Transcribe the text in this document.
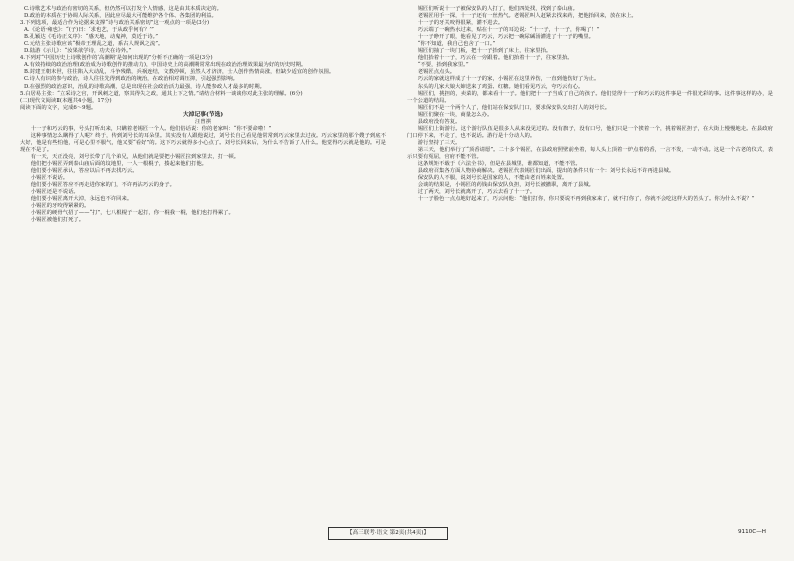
C.诗歌艺术与政治有密切的关系，但仍然可以打发个人情感，这是由其本质决定的。

D.政治的本质在于协调人际关系，因此应尽最大可能维护各个体、各集团的利益。

3.下列选项，最适合作为论据来支撑“诗与政治关系密切”这一观点的一项是(3分)

A.《论语·雍也》：“(子)曰：‘求也艺，于从政乎何有？’”

B.孔颖达《毛诗正义序》：“感天地，动鬼神，莫近于诗。”

C.元结主张诗歌应该“极帝王理乱之道，系古人规讽之流”。

D.陆游《示儿》：“汝果欲学诗，功夫在诗外。”

4.下列对“中国历史上诗歌创作的‘高潮期’是如何出现的”分析不正确的一项是(3分)

A.有效持续的政治治理(政治成为诗歌创作的推动力)，中国诗史上的高潮期常常出现在政治治理效果最为好的历史时期。

B.封建王朝末世，往往陷入大动乱，斗争残酷，兵祸连结，文教停顿，虽然人才济济，士人创作热情高涨，但缺少适宜的创作氛围。

C.诗人有识的参与政治，诗人往往先得到政治的统治，在政治相对调压抑，引起强烈影响。

D.在强烈的政治意识，治乱的诗歌高潮，总是出现在社会政治活力最强，诗人能参政人才最多的时期。

5.白居易主张：“立采诗之官，开讽刺之道，察其得失之政，通其上下之情。”请结合材料一谈谈你对此主张的理解。(6分)

(二)现代文阅读Ⅱ(本题共4小题，17分)

阅读下面的文字，完成6～9题。

大淖记事(节选)

汪曾祺

十一子和巧云的事，号头打听出来，只瞒着老锡匠一个人。他们俗话说：你的老家叫：“你不要命啦！”

这种事情怎么瞒得了人呢？终于，传到刘号长的耳朵里。其实没有人跟他说过，刘号长自己看见他常常到巧云家里去过夜。巧云家里的那个嫂子到底不大好，他是有些怕他，可是心里不服气，他又要“看好”的。这下巧云就得多小心点了。刘号长回来后，为什么不告诉了人什么。他觉得巧云就是他的。可是现在不是了。

有一天，天正没亮，刘号长带了几个弟兄，从他们就是要把小锡匠拉到家里去，打一顿。

他们把小锡匠弄到泰山庙后面的坟地里，一人一根棍子，揍起来他们打他。

他们要小锡匠承认，答应以后不再去找巧云。

小锡匠不说话。

他们要小锡匠答应不再走进你家的门，不许再沾巧云的身子。

小锡匠还是不说话。

他们要小锡匠离开大淖，永远也不许回来。

小锡匠的牙咬得紧紧的。

小锡匠的硬骨气招了——“打”，七八根棍子一起打，你一棍我一棍，他们也打得累了。

小锡匠被他们打死了。

锡匠们听说十一子被保安队的人打了，他们四处找，找到了泰山庙。

老锡匠用手一探，十一子还有一丝热气。老锡匠叫人赶紧去找来药，把他抬回来，放在床上。

十一子的牙关咬得很紧，灌不进去。

巧云端了一碗热水过来，贴在十一子的耳边说：“十一子，十一子，你喝了！”

十一子睁开了眼，他看见了巧云，巧云把一碗尿碱汤灌进了十一子的嘴里。

“你不知道，我自己也舍了一口。”

锡匠们抽了一块门板，把十一子抬到了床上，往家里抬。

他们抬着十一子，巧云在一旁跟着。他们抬着十一子，往家里抬。

“不要，抬到我家里。”

老锡匠点点头。

巧云的家就这样成了十一子的家，小锡匠在这里养伤，一直到他伤好了为止。

东头的几家大娘大婶送来了鸡蛋、红糖。她们看见巧云，夸巧云有心。

锡匠们，挑担的，卖菜的，都来看十一子。他们把十一子当成了自己的孩子。他们觉得十一子和巧云的这件事是一件很光彩的事。这件事这样的办，是一个公道的结局。

锡匠们不是一个两个人了，他们站在保安队门口，要求保安队交出打人的刘号长。

锡匠们聚在一块，商量怎么办。

县政府没有答复。

锡匠们上街游行。这个游行队伍是很多人从来没见过的。没有旗子，没有口号，他们只是一个挨着一个，挑着锡匠担子，在大街上慢慢地走。在县政府门口停下来，不走了，也不说话。游行是十分动人的。

游行坚持了三天。

第三天，他们举行了“顶香请愿”。二十多个锡匠，在县政府照壁前坐着，每人头上顶着一炉点着的香，一言不发，一动不动。这是一个古老的仪式，表示只要有冤屈，官府不能不管。

这条规矩不载于《六法全书》，但是在县城里，谁都知道，不能不管。

县政府召集各方面人物协商解决。老锡匠代表锡匠们出面，提出的条件只有一个：刘号长永远不许再进县城。

保安队的人不服，说刘号长是国家的人，不能由老百姓来处置。

会谈的结果是，小锡匠的药钱由保安队负担，刘号长被撤职，离开了县城。

过了两天，刘号长就离开了，巧云去看了十一子。

十一子脸色一点点地好起来了，巧云问他：“他们打你，你只要说不再到我家来了，就不打你了，你就不会吃这样大的苦头了。你为什么不说？”

【高三联考·语文 第2页(共4页)】	9110C—H
